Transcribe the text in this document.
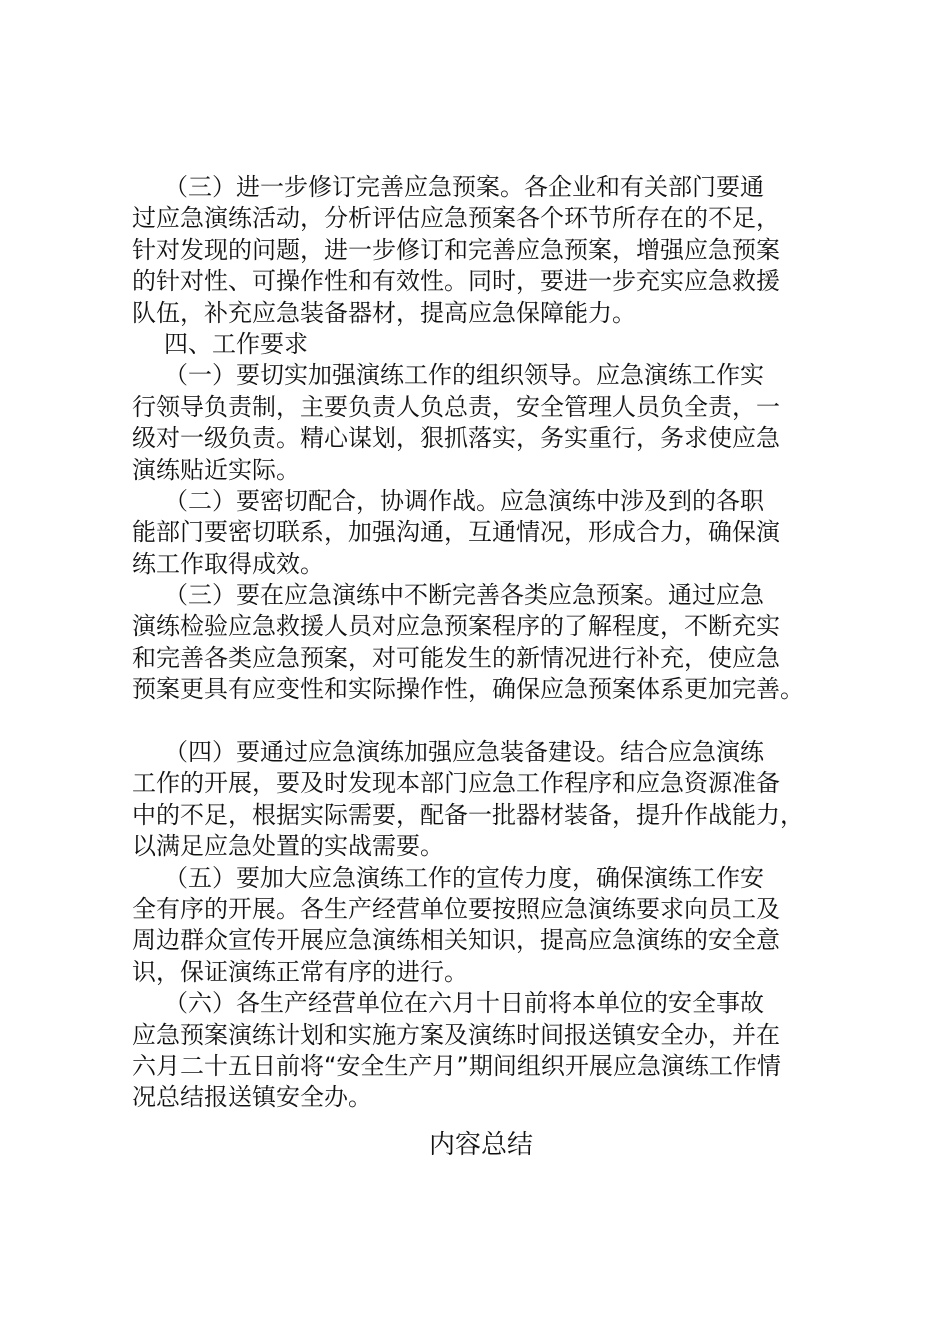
（三）进一步修订完善应急预案。各企业和有关部门要通
过应急演练活动，分析评估应急预案各个环节所存在的不足，
针对发现的问题，进一步修订和完善应急预案，增强应急预案
的针对性、可操作性和有效性。同时，要进一步充实应急救援
队伍，补充应急装备器材，提高应急保障能力。
四、工作要求
（一）要切实加强演练工作的组织领导。应急演练工作实
行领导负责制，主要负责人负总责，安全管理人员负全责，一
级对一级负责。精心谋划，狠抓落实，务实重行，务求使应急
演练贴近实际。
（二）要密切配合，协调作战。应急演练中涉及到的各职
能部门要密切联系，加强沟通，互通情况，形成合力，确保演
练工作取得成效。
（三）要在应急演练中不断完善各类应急预案。通过应急
演练检验应急救援人员对应急预案程序的了解程度，不断充实
和完善各类应急预案，对可能发生的新情况进行补充，使应急
预案更具有应变性和实际操作性，确保应急预案体系更加完善。
（四）要通过应急演练加强应急装备建设。结合应急演练
工作的开展，要及时发现本部门应急工作程序和应急资源准备
中的不足，根据实际需要，配备一批器材装备，提升作战能力，
以满足应急处置的实战需要。
（五）要加大应急演练工作的宣传力度，确保演练工作安
全有序的开展。各生产经营单位要按照应急演练要求向员工及
周边群众宣传开展应急演练相关知识，提高应急演练的安全意
识，保证演练正常有序的进行。
（六）各生产经营单位在六月十日前将本单位的安全事故
应急预案演练计划和实施方案及演练时间报送镇安全办，并在
六月二十五日前将“安全生产月”期间组织开展应急演练工作情
况总结报送镇安全办。
内容总结
